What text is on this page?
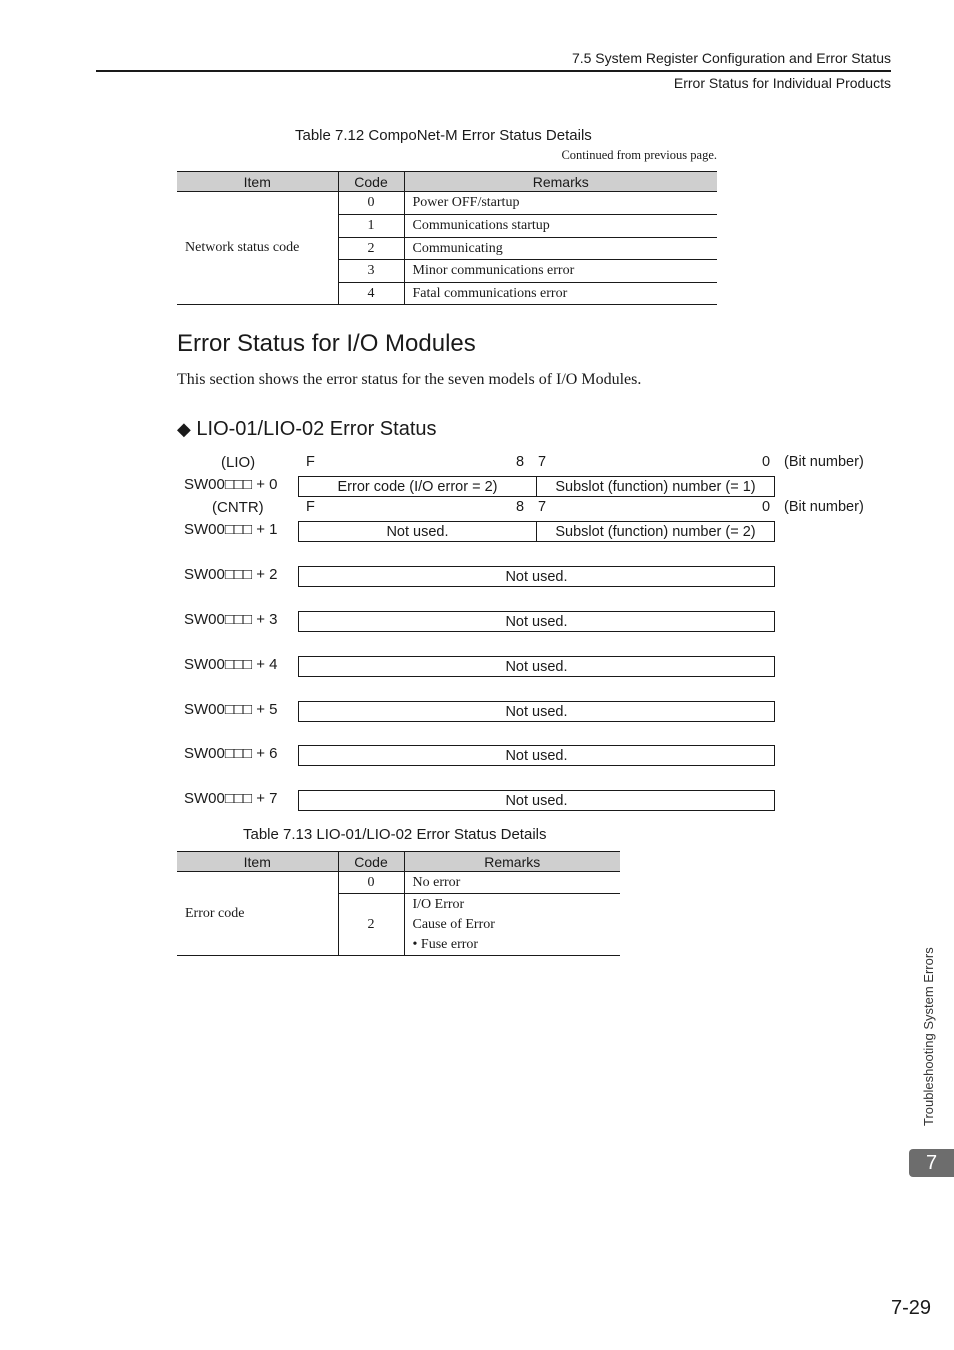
7.5 System Register Configuration and Error Status
Error Status for Individual Products
Table 7.12 CompoNet-M Error Status Details
Continued from previous page.
Item	Code	Remarks
Network status code	0	Power OFF/startup
	1	Communications startup
	2	Communicating
	3	Minor communications error
	4	Fatal communications error
Error Status for I/O Modules
This section shows the error status for the seven models of I/O Modules.
◆ LIO-01/LIO-02 Error Status
(LIO)	F	8 7	0 (Bit number)
SW00□□□ + 0	Error code (I/O error = 2)	Subslot (function) number (= 1)
(CNTR)	F	8 7	0 (Bit number)
SW00□□□ + 1	Not used.	Subslot (function) number (= 2)
SW00□□□ + 2	Not used.
SW00□□□ + 3	Not used.
SW00□□□ + 4	Not used.
SW00□□□ + 5	Not used.
SW00□□□ + 6	Not used.
SW00□□□ + 7	Not used.
Table 7.13 LIO-01/LIO-02 Error Status Details
Item	Code	Remarks
Error code	0	No error
	2	I/O Error
Cause of Error
• Fuse error
Troubleshooting System Errors
7
7-29
